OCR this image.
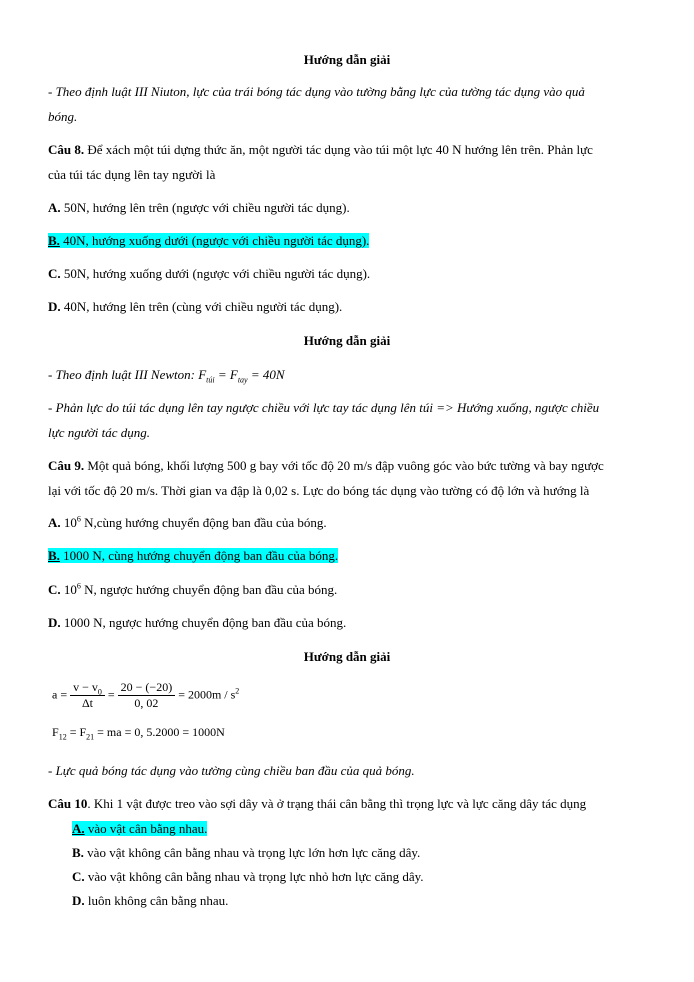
Hướng dẫn giải
- Theo định luật III Niuton, lực của trái bóng tác dụng vào tường bằng lực của tường tác dụng vào quả
bóng.
Câu 8. Để xách một túi dựng thức ăn, một người tác dụng vào túi một lực 40 N hướng lên trên. Phản lực
của túi tác dụng lên tay người là
A. 50N, hướng lên trên (ngược với chiều người tác dụng).
B. 40N, hướng xuống dưới (ngược với chiều người tác dụng).
C. 50N, hướng xuống dưới (ngược với chiều người tác dụng).
D. 40N, hướng lên trên (cùng với chiều người tác dụng).
Hướng dẫn giải
- Theo định luật III Newton: $F_{túi} = F_{tay} = 40N$
- Phản lực do túi tác dụng lên tay ngược chiều với lực tay tác dụng lên túi => Hướng xuống, ngược chiều
lực người tác dụng.
Câu 9. Một quả bóng, khối lượng 500 g bay với tốc độ 20 m/s đập vuông góc vào bức tường và bay ngược
lại với tốc độ 20 m/s. Thời gian va đập là 0,02 s. Lực do bóng tác dụng vào tường có độ lớn và hướng là
A. $10^6$ N,cùng hướng chuyển động ban đầu của bóng.
B. 1000 N, cùng hướng chuyển động ban đầu của bóng.
C. $10^6$ N, ngược hướng chuyển động ban đầu của bóng.
D. 1000 N, ngược hướng chuyển động ban đầu của bóng.
Hướng dẫn giải
$a = \frac{v - v_0}{\Delta t} = \frac{20 - (-20)}{0, 02} = 2000m / s^2$
$F_{12} = F_{21}$ = ma = 0, 5.2000 = 1000N
- Lực quả bóng tác dụng vào tường cùng chiều ban đầu của quả bóng.
Câu 10. Khi 1 vật được treo vào sợi dây và ở trạng thái cân bằng thì trọng lực và lực căng dây tác dụng
A. vào vật cân bằng nhau.
B. vào vật không cân bằng nhau và trọng lực lớn hơn lực căng dây.
C. vào vật không cân bằng nhau và trọng lực nhỏ hơn lực căng dây.
D. luôn không cân bằng nhau.
